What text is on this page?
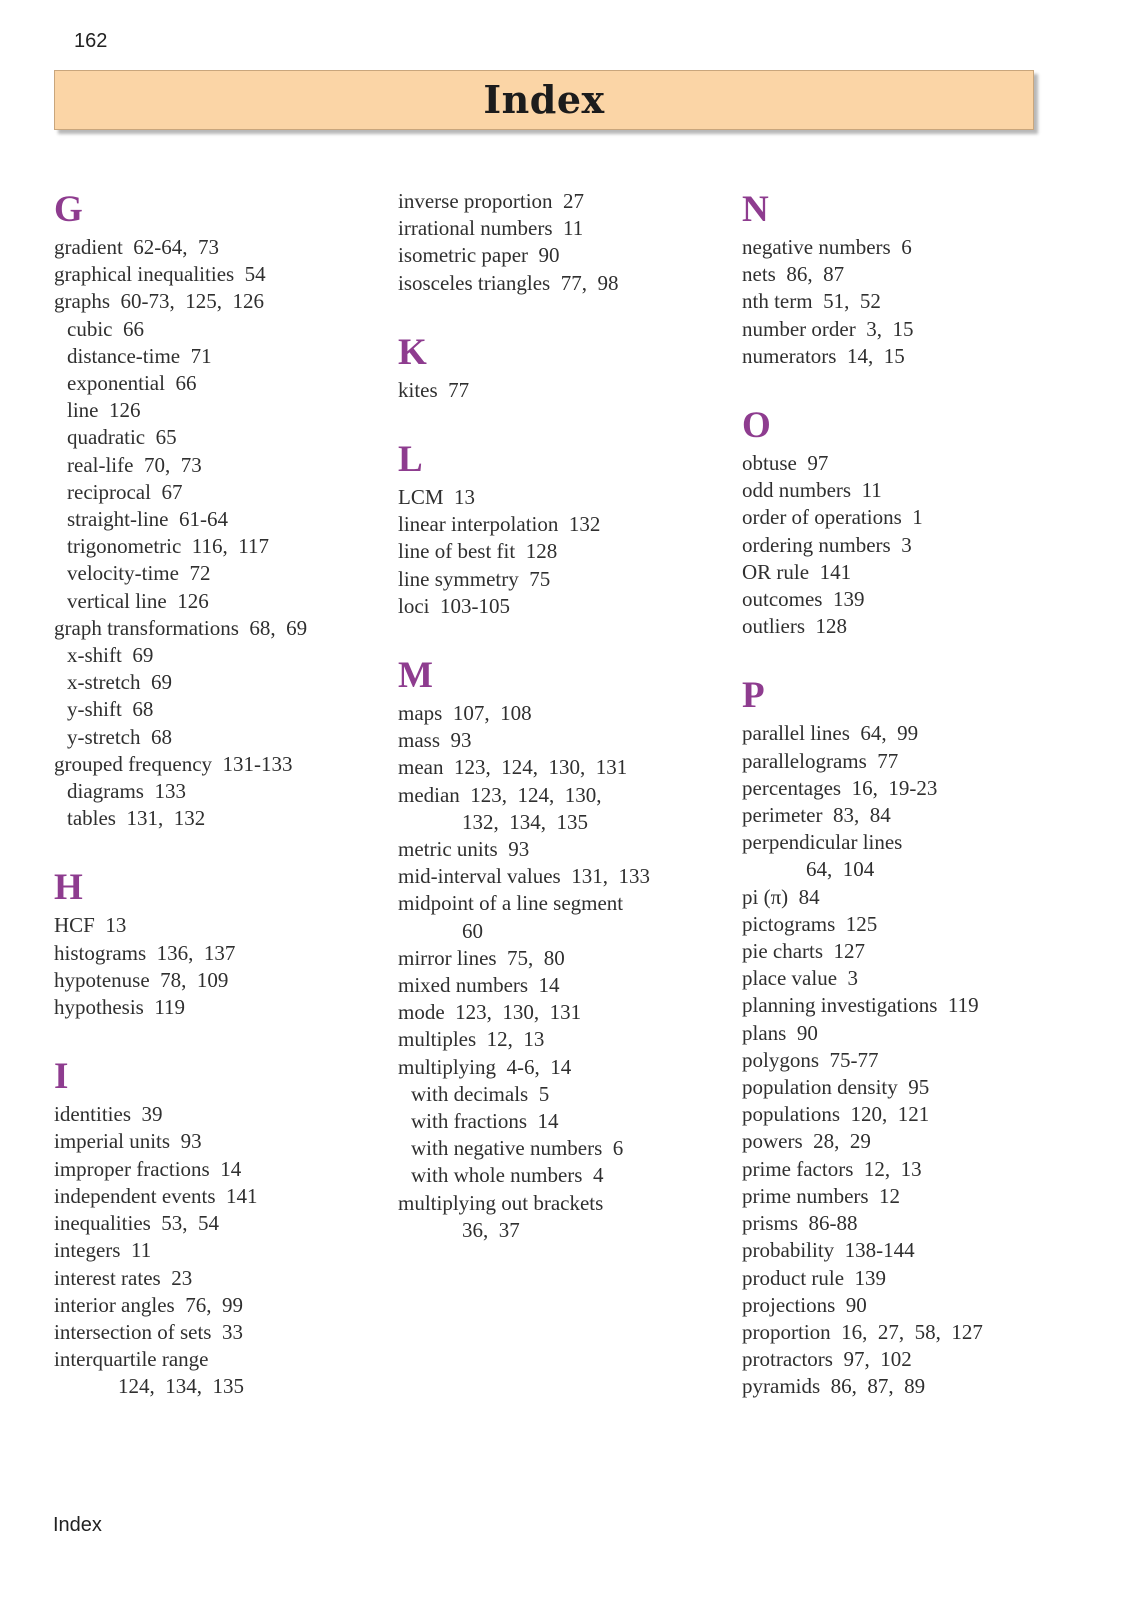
162
Index
G
gradient  62-64,  73
graphical inequalities  54
graphs  60-73,  125,  126
cubic  66
distance-time  71
exponential  66
line  126
quadratic  65
real-life  70,  73
reciprocal  67
straight-line  61-64
trigonometric  116,  117
velocity-time  72
vertical line  126
graph transformations  68,  69
x-shift  69
x-stretch  69
y-shift  68
y-stretch  68
grouped frequency  131-133
diagrams  133
tables  131,  132
H
HCF  13
histograms  136,  137
hypotenuse  78,  109
hypothesis  119
I
identities  39
imperial units  93
improper fractions  14
independent events  141
inequalities  53,  54
integers  11
interest rates  23
interior angles  76,  99
intersection of sets  33
interquartile range
124,  134,  135
inverse proportion  27
irrational numbers  11
isometric paper  90
isosceles triangles  77,  98
K
kites  77
L
LCM  13
linear interpolation  132
line of best fit  128
line symmetry  75
loci  103-105
M
maps  107,  108
mass  93
mean  123,  124,  130,  131
median  123,  124,  130,
132,  134,  135
metric units  93
mid-interval values  131,  133
midpoint of a line segment
60
mirror lines  75,  80
mixed numbers  14
mode  123,  130,  131
multiples  12,  13
multiplying  4-6,  14
with decimals  5
with fractions  14
with negative numbers  6
with whole numbers  4
multiplying out brackets
36,  37
N
negative numbers  6
nets  86,  87
nth term  51,  52
number order  3,  15
numerators  14,  15
O
obtuse  97
odd numbers  11
order of operations  1
ordering numbers  3
OR rule  141
outcomes  139
outliers  128
P
parallel lines  64,  99
parallelograms  77
percentages  16,  19-23
perimeter  83,  84
perpendicular lines
64,  104
pi (π)  84
pictograms  125
pie charts  127
place value  3
planning investigations  119
plans  90
polygons  75-77
population density  95
populations  120,  121
powers  28,  29
prime factors  12,  13
prime numbers  12
prisms  86-88
probability  138-144
product rule  139
projections  90
proportion  16,  27,  58,  127
protractors  97,  102
pyramids  86,  87,  89
Index
